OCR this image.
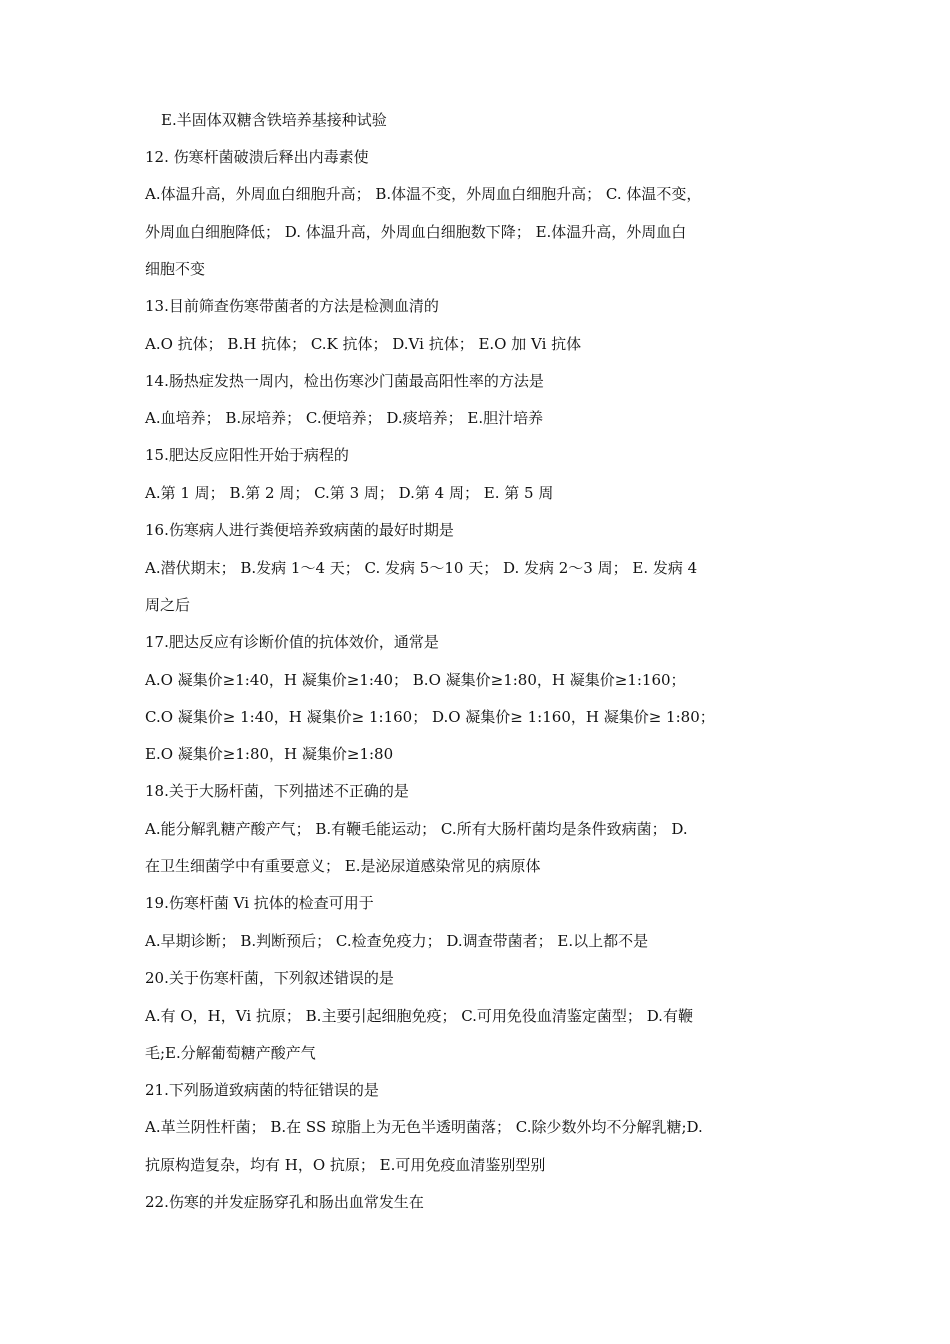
E.半固体双糖含铁培养基接种试验
12. 伤寒杆菌破溃后释出内毒素使
A.体温升高，外周血白细胞升高； B.体温不变，外周血白细胞升高； C. 体温不变，
外周血白细胞降低； D. 体温升高，外周血白细胞数下降； E.体温升高，外周血白
细胞不变
13.目前筛查伤寒带菌者的方法是检测血清的
A.O 抗体； B.H 抗体； C.K 抗体； D.Vi 抗体； E.O 加 Vi 抗体
14.肠热症发热一周内，检出伤寒沙门菌最高阳性率的方法是
A.血培养； B.尿培养； C.便培养； D.痰培养； E.胆汁培养
15.肥达反应阳性开始于病程的
A.第 1 周； B.第 2 周； C.第 3 周； D.第 4 周； E. 第 5 周
16.伤寒病人进行粪便培养致病菌的最好时期是
A.潜伏期末； B.发病 1～4 天； C. 发病 5～10 天； D. 发病 2～3 周； E. 发病 4
周之后
17.肥达反应有诊断价值的抗体效价，通常是
A.O 凝集价≥1:40，H 凝集价≥1:40； B.O 凝集价≥1:80，H 凝集价≥1:160；
C.O 凝集价≥ 1:40，H 凝集价≥ 1:160； D.O 凝集价≥ 1:160，H 凝集价≥ 1:80；
E.O 凝集价≥1:80，H 凝集价≥1:80
18.关于大肠杆菌，下列描述不正确的是
A.能分解乳糖产酸产气； B.有鞭毛能运动； C.所有大肠杆菌均是条件致病菌； D.
在卫生细菌学中有重要意义； E.是泌尿道感染常见的病原体
19.伤寒杆菌 Vi 抗体的检查可用于
A.早期诊断； B.判断预后； C.检查免疫力； D.调查带菌者； E.以上都不是
20.关于伤寒杆菌，下列叙述错误的是
A.有 O，H，Vi 抗原； B.主要引起细胞免疫； C.可用免役血清鉴定菌型； D.有鞭
毛;E.分解葡萄糖产酸产气
21.下列肠道致病菌的特征错误的是
A.革兰阴性杆菌； B.在 SS 琼脂上为无色半透明菌落； C.除少数外均不分解乳糖;D.
抗原构造复杂，均有 H，O 抗原； E.可用免疫血清鉴别型别
22.伤寒的并发症肠穿孔和肠出血常发生在
